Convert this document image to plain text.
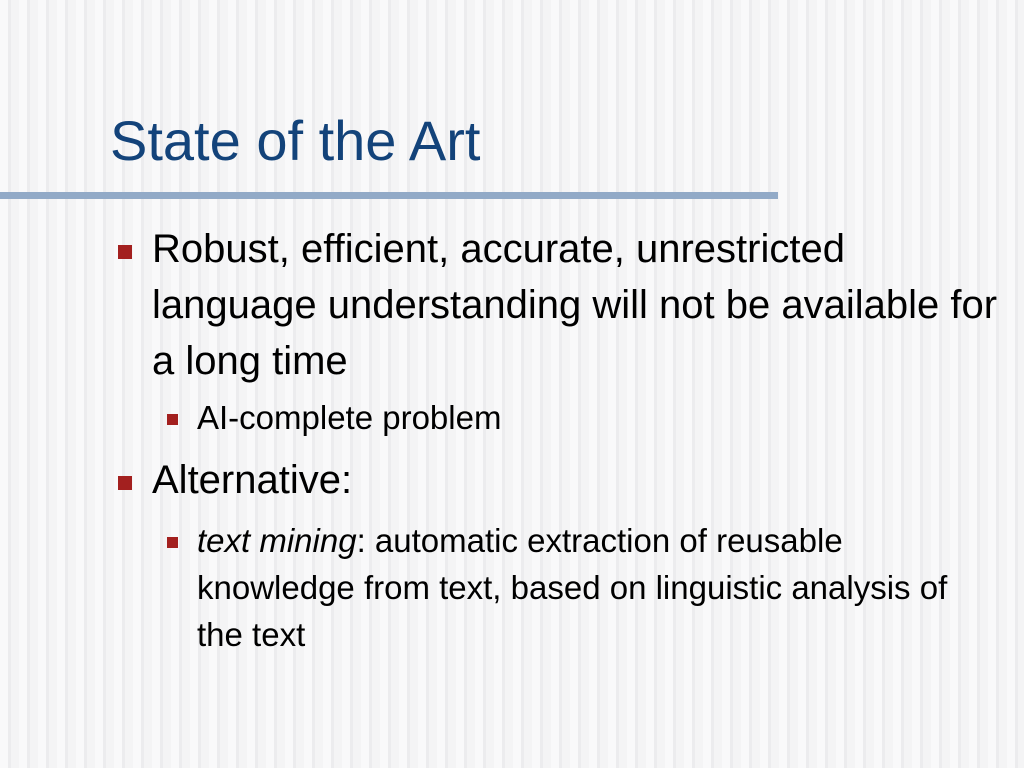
State of the Art
Robust, efficient, accurate, unrestricted language understanding will not be available for a long time
AI-complete problem
Alternative:
text mining: automatic extraction of reusable knowledge from text, based on linguistic analysis of the text
